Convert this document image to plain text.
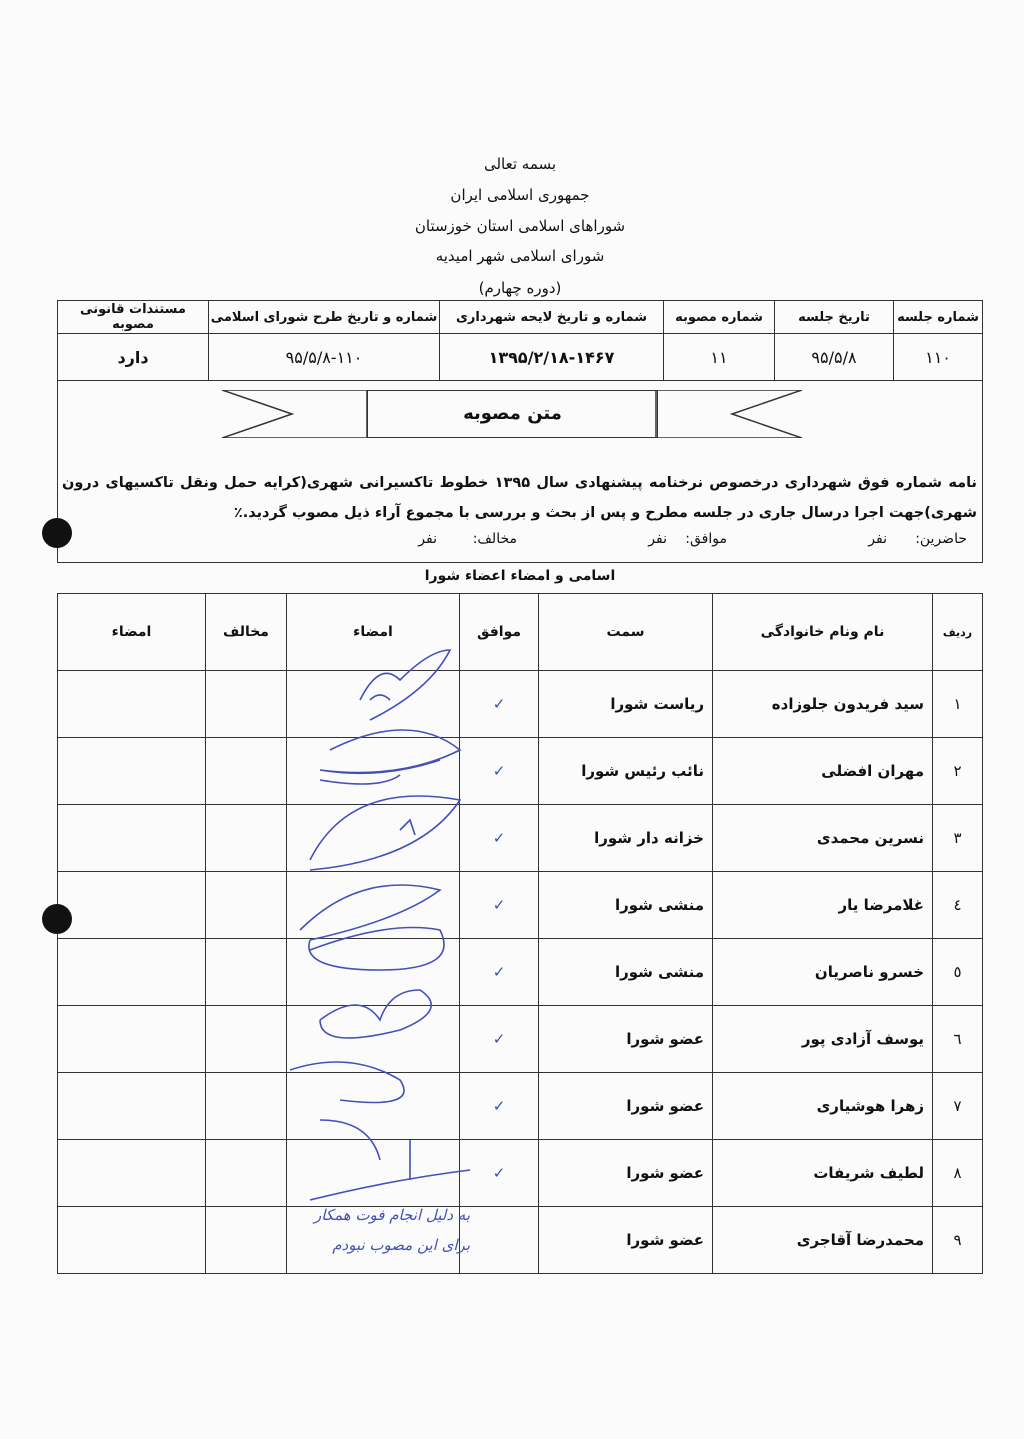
بسمه تعالی
جمهوری اسلامی ایران
شوراهای اسلامی استان خوزستان
شورای اسلامی شهر امیدیه
(دوره چهارم)
شماره جلسه	تاریخ جلسه	شماره مصوبه	شماره و تاریخ لایحه شهرداری	شماره و تاریخ طرح شورای اسلامی	مستندات قانونی مصوبه
۱۱۰	۹۵/۵/۸	۱۱	۱۳۹۵/۲/۱۸-۱۴۶۷	۹۵/۵/۸-۱۱۰	دارد
متن مصوبه
نامه شماره فوق شهرداری درخصوص نرخنامه پیشنهادی سال ۱۳۹۵ خطوط تاکسیرانی شهری(کرایه حمل ونقل تاکسیهای درون شهری)جهت اجرا درسال جاری در جلسه مطرح و پس از بحث و بررسی با مجموع آراء ذیل مصوب گردید.٪
حاضرین:
نفر
موافق:
نفر
مخالف:
نفر
اسامی و امضاء اعضاء شورا
ردیف	نام ونام خانوادگی	سمت	موافق	امضاء	مخالف	امضاء
۱	سید فریدون جلوزاده	ریاست شورا	✓			
۲	مهران افضلی	نائب رئیس شورا	✓			
۳	نسرین محمدی	خزانه دار شورا	✓			
٤	غلامرضا یار	منشی شورا	✓			
٥	خسرو ناصریان	منشی شورا	✓			
٦	یوسف آزادی پور	عضو شورا	✓			
۷	زهرا هوشیاری	عضو شورا	✓			
۸	لطیف شریفات	عضو شورا	✓			
۹	محمدرضا آقاجری	عضو شورا				
به دلیل انجام فوت همکار
برای این مصوب نبودم
